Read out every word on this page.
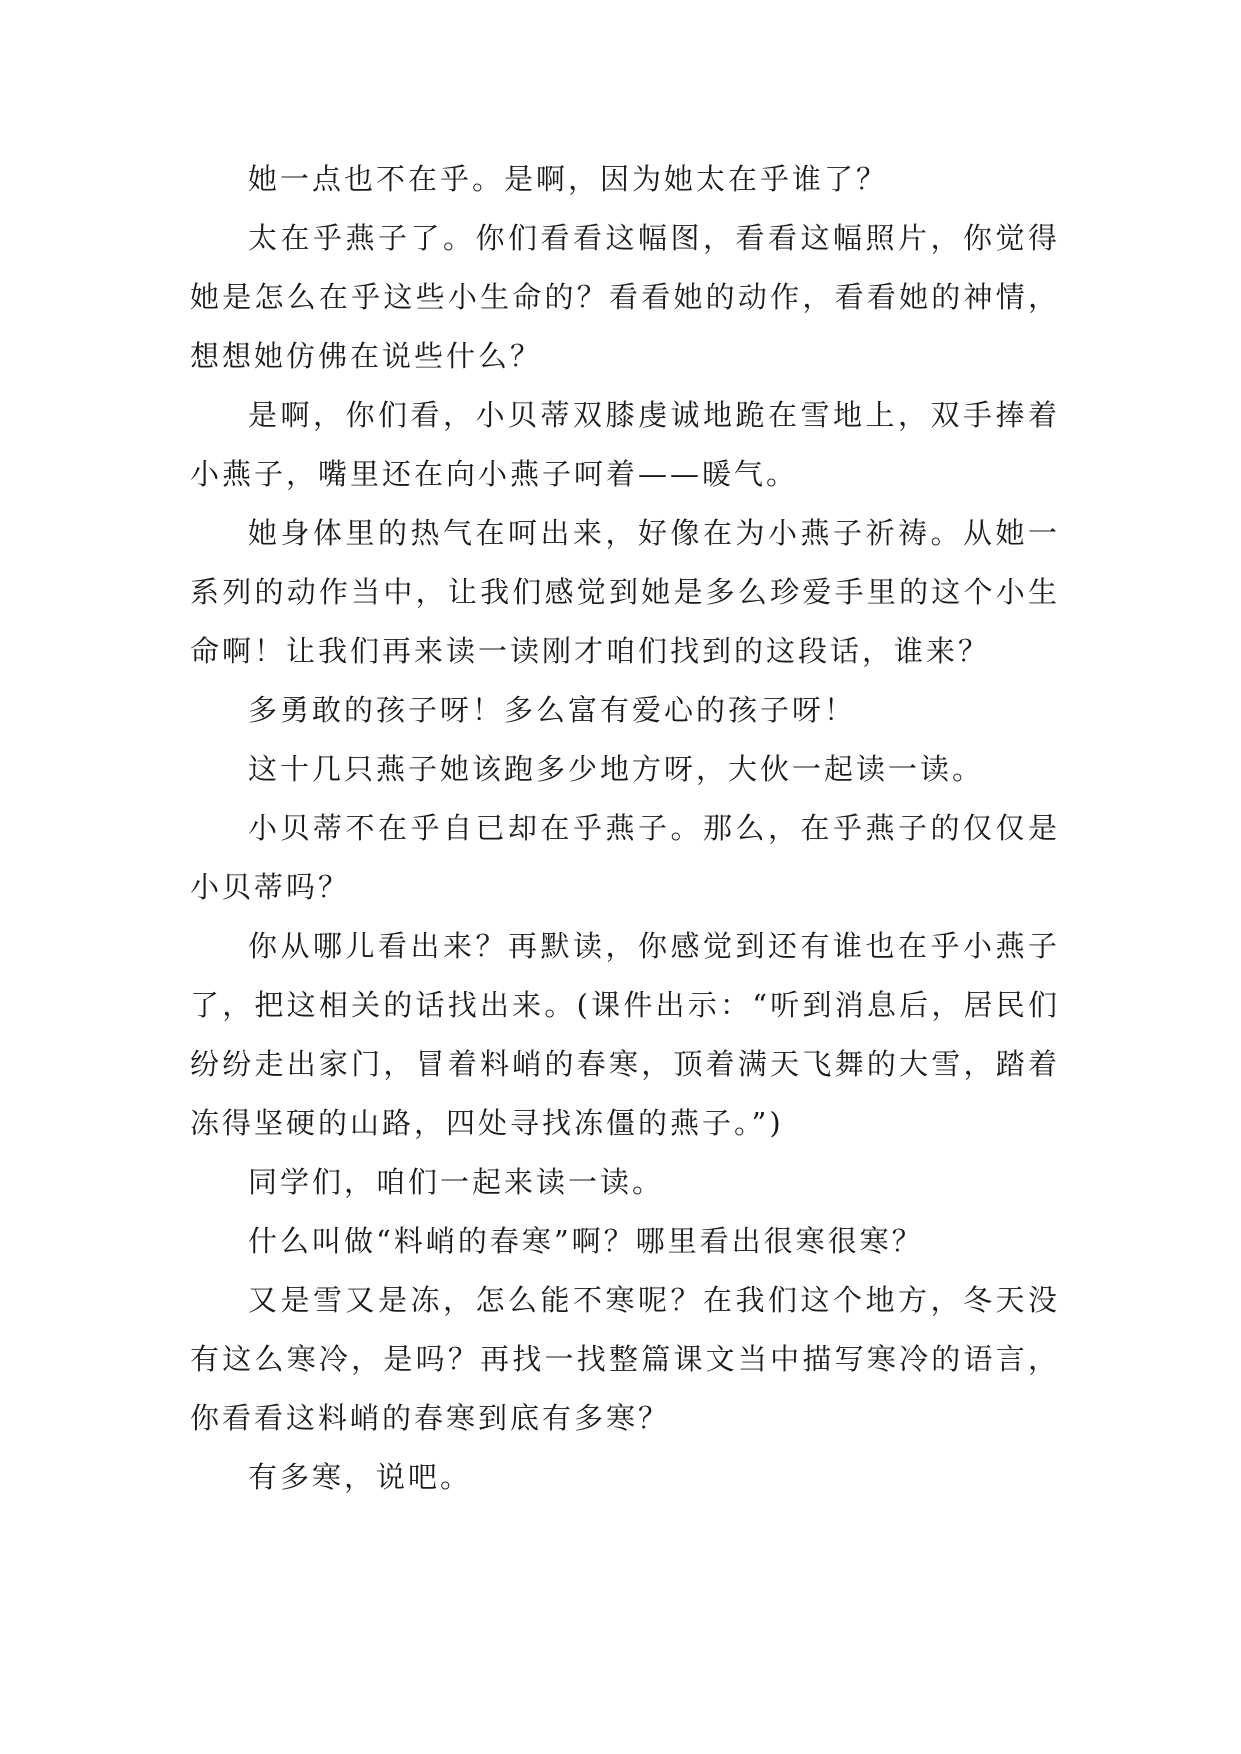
她一点也不在乎。是啊，因为她太在乎谁了？

太在乎燕子了。你们看看这幅图，看看这幅照片，你觉得她是怎么在乎这些小生命的？看看她的动作，看看她的神情，想想她仿佛在说些什么？

是啊，你们看，小贝蒂双膝虔诚地跪在雪地上，双手捧着小燕子，嘴里还在向小燕子呵着——暖气。

她身体里的热气在呵出来，好像在为小燕子祈祷。从她一系列的动作当中，让我们感觉到她是多么珍爱手里的这个小生命啊！让我们再来读一读刚才咱们找到的这段话，谁来？

多勇敢的孩子呀！多么富有爱心的孩子呀！

这十几只燕子她该跑多少地方呀，大伙一起读一读。

小贝蒂不在乎自已却在乎燕子。那么，在乎燕子的仅仅是小贝蒂吗？

你从哪儿看出来？再默读，你感觉到还有谁也在乎小燕子了，把这相关的话找出来。(课件出示：“听到消息后，居民们纷纷走出家门，冒着料峭的春寒，顶着满天飞舞的大雪，踏着冻得坚硬的山路，四处寻找冻僵的燕子。”)

同学们，咱们一起来读一读。

什么叫做“料峭的春寒”啊？哪里看出很寒很寒？

又是雪又是冻，怎么能不寒呢？在我们这个地方，冬天没有这么寒冷，是吗？再找一找整篇课文当中描写寒冷的语言，你看看这料峭的春寒到底有多寒？

有多寒，说吧。
